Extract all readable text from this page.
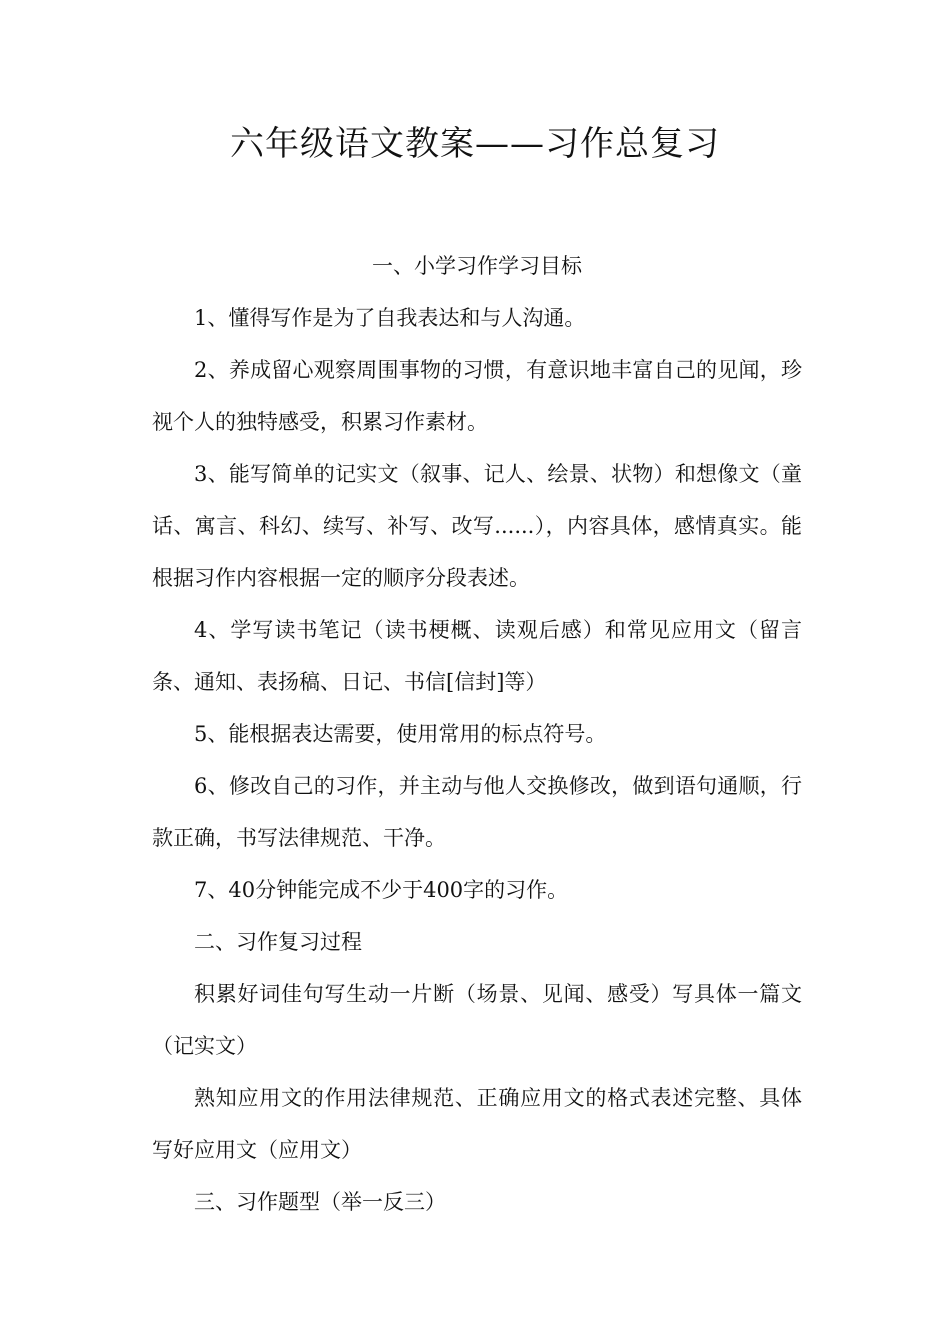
六年级语文教案——习作总复习

一、小学习作学习目标

1、懂得写作是为了自我表达和与人沟通。

2、养成留心观察周围事物的习惯，有意识地丰富自己的见闻，珍视个人的独特感受，积累习作素材。

3、能写简单的记实文（叙事、记人、绘景、状物）和想像文（童话、寓言、科幻、续写、补写、改写......），内容具体，感情真实。能根据习作内容根据一定的顺序分段表述。

4、学写读书笔记（读书梗概、读观后感）和常见应用文（留言条、通知、表扬稿、日记、书信[信封]等）

5、能根据表达需要，使用常用的标点符号。

6、修改自己的习作，并主动与他人交换修改，做到语句通顺，行款正确，书写法律规范、干净。

7、40分钟能完成不少于400字的习作。

二、习作复习过程

积累好词佳句写生动一片断（场景、见闻、感受）写具体一篇文（记实文）

熟知应用文的作用法律规范、正确应用文的格式表述完整、具体写好应用文（应用文）

三、习作题型（举一反三）
